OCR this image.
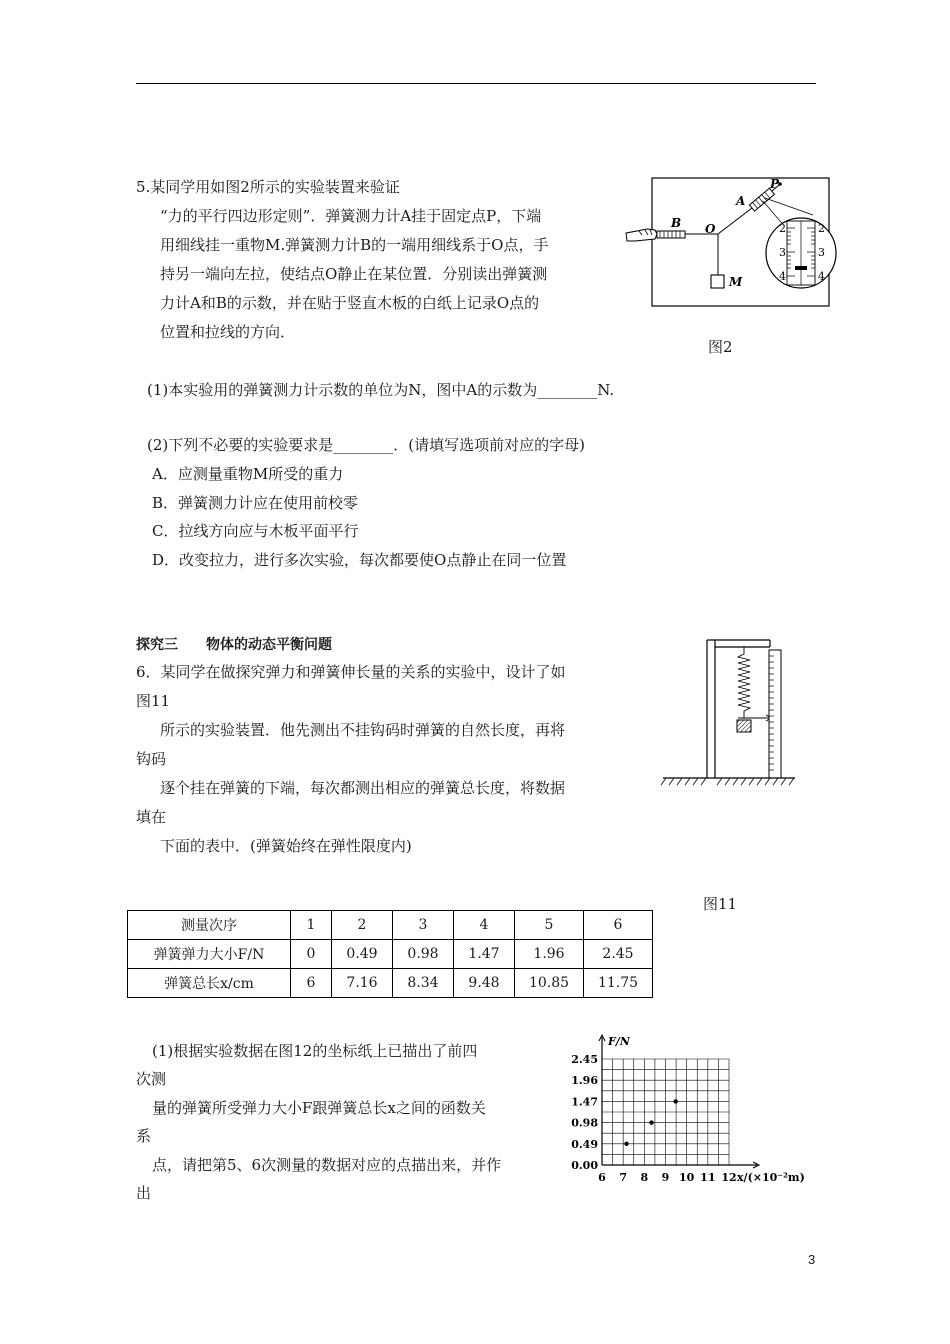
5.某同学用如图2所示的实验装置来验证
“力的平行四边形定则”．弹簧测力计A挂于固定点P，下端
用细线挂一重物M.弹簧测力计B的一端用细线系于O点，手
持另一端向左拉，使结点O静止在某位置．分别读出弹簧测
力计A和B的示数，并在贴于竖直木板的白纸上记录O点的
位置和拉线的方向．
2
3
4
2
3
4
B O
A
P
M
图2
(1)本实验用的弹簧测力计示数的单位为N，图中A的示数为________N.
(2)下列不必要的实验要求是________．(请填写选项前对应的字母)
A．应测量重物M所受的重力
B．弹簧测力计应在使用前校零
C．拉线方向应与木板平面平行
D．改变拉力，进行多次实验，每次都要使O点静止在同一位置
探究三　　物体的动态平衡问题
6．某同学在做探究弹力和弹簧伸长量的关系的实验中，设计了如
图11
所示的实验装置．他先测出不挂钩码时弹簧的自然长度，再将
钩码
逐个挂在弹簧的下端，每次都测出相应的弹簧总长度，将数据
填在
下面的表中．(弹簧始终在弹性限度内)
图11
测量次序	1	2	3	4	5	6
弹簧弹力大小F/N	0	0.49	0.98	1.47	1.96	2.45
弹簧总长x/cm	6	7.16	8.34	9.48	10.85	11.75
(1)根据实验数据在图12的坐标纸上已描出了前四
次测
量的弹簧所受弹力大小F跟弹簧总长x之间的函数关
系
点，请把第5、6次测量的数据对应的点描出来，并作
出
0.00
0.49
0.98
1.47
1.96
2.45
6 7 8 9 10 11 12
F/N
x/(×10⁻²m)
3
